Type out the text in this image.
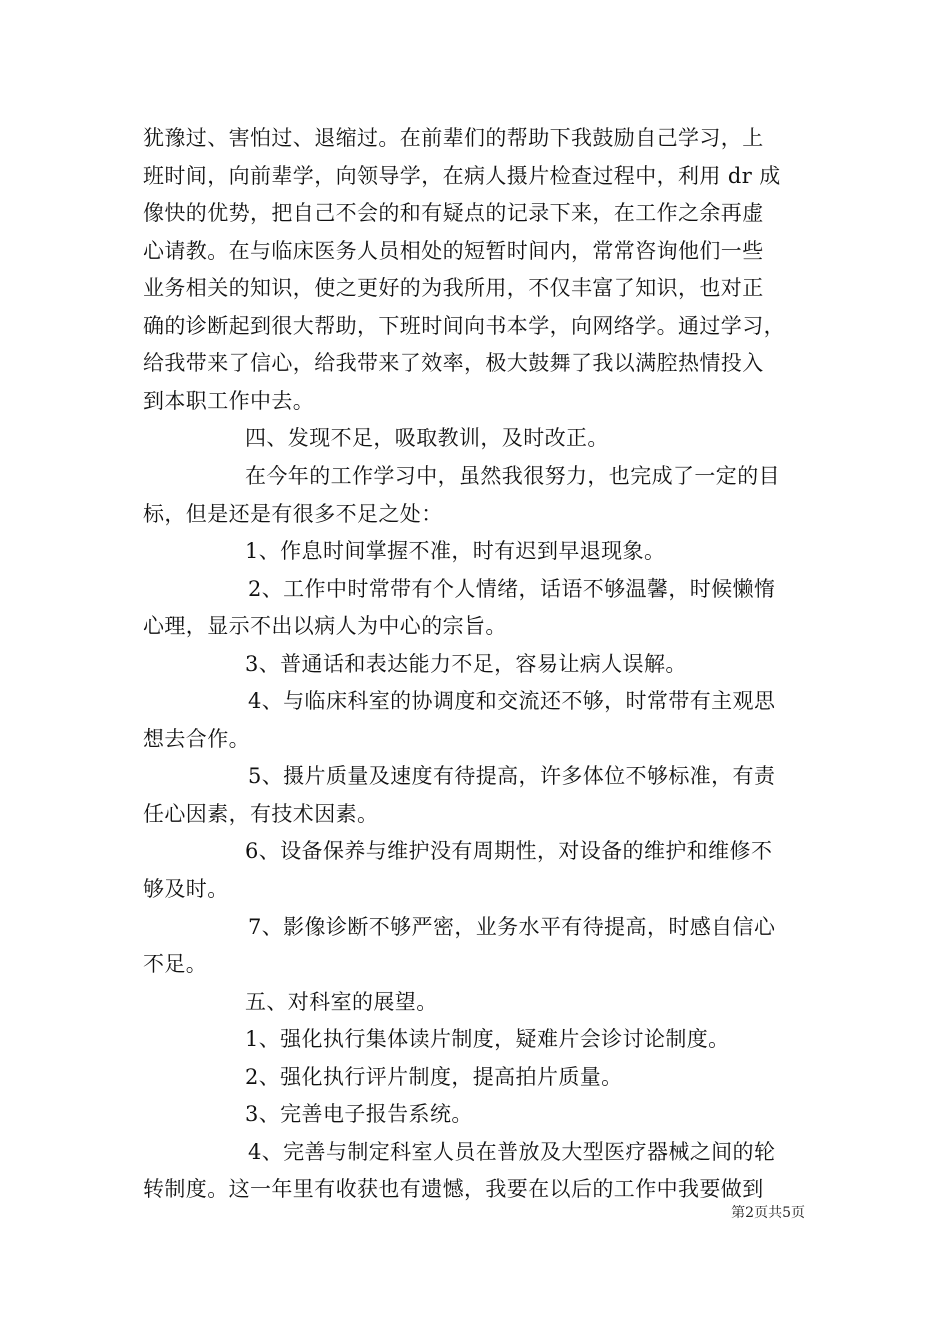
犹豫过、害怕过、退缩过。在前辈们的帮助下我鼓励自己学习，上
班时间，向前辈学，向领导学，在病人摄片检查过程中，利用 dr 成
像快的优势，把自己不会的和有疑点的记录下来，在工作之余再虚
心请教。在与临床医务人员相处的短暂时间内，常常咨询他们一些
业务相关的知识，使之更好的为我所用，不仅丰富了知识，也对正
确的诊断起到很大帮助，下班时间向书本学，向网络学。通过学习，
给我带来了信心，给我带来了效率，极大鼓舞了我以满腔热情投入
到本职工作中去。
四、发现不足，吸取教训，及时改正。
在今年的工作学习中，虽然我很努力，也完成了一定的目
标，但是还是有很多不足之处：
1、作息时间掌握不准，时有迟到早退现象。
2、工作中时常带有个人情绪，话语不够温馨，时候懒惰
心理，显示不出以病人为中心的宗旨。
3、普通话和表达能力不足，容易让病人误解。
4、与临床科室的协调度和交流还不够，时常带有主观思
想去合作。
5、摄片质量及速度有待提高，许多体位不够标准，有责
任心因素，有技术因素。
6、设备保养与维护没有周期性，对设备的维护和维修不
够及时。
7、影像诊断不够严密，业务水平有待提高，时感自信心
不足。
五、对科室的展望。
1、强化执行集体读片制度，疑难片会诊讨论制度。
2、强化执行评片制度，提高拍片质量。
3、完善电子报告系统。
4、完善与制定科室人员在普放及大型医疗器械之间的轮
转制度。这一年里有收获也有遗憾，我要在以后的工作中我要做到
第2页共5页
